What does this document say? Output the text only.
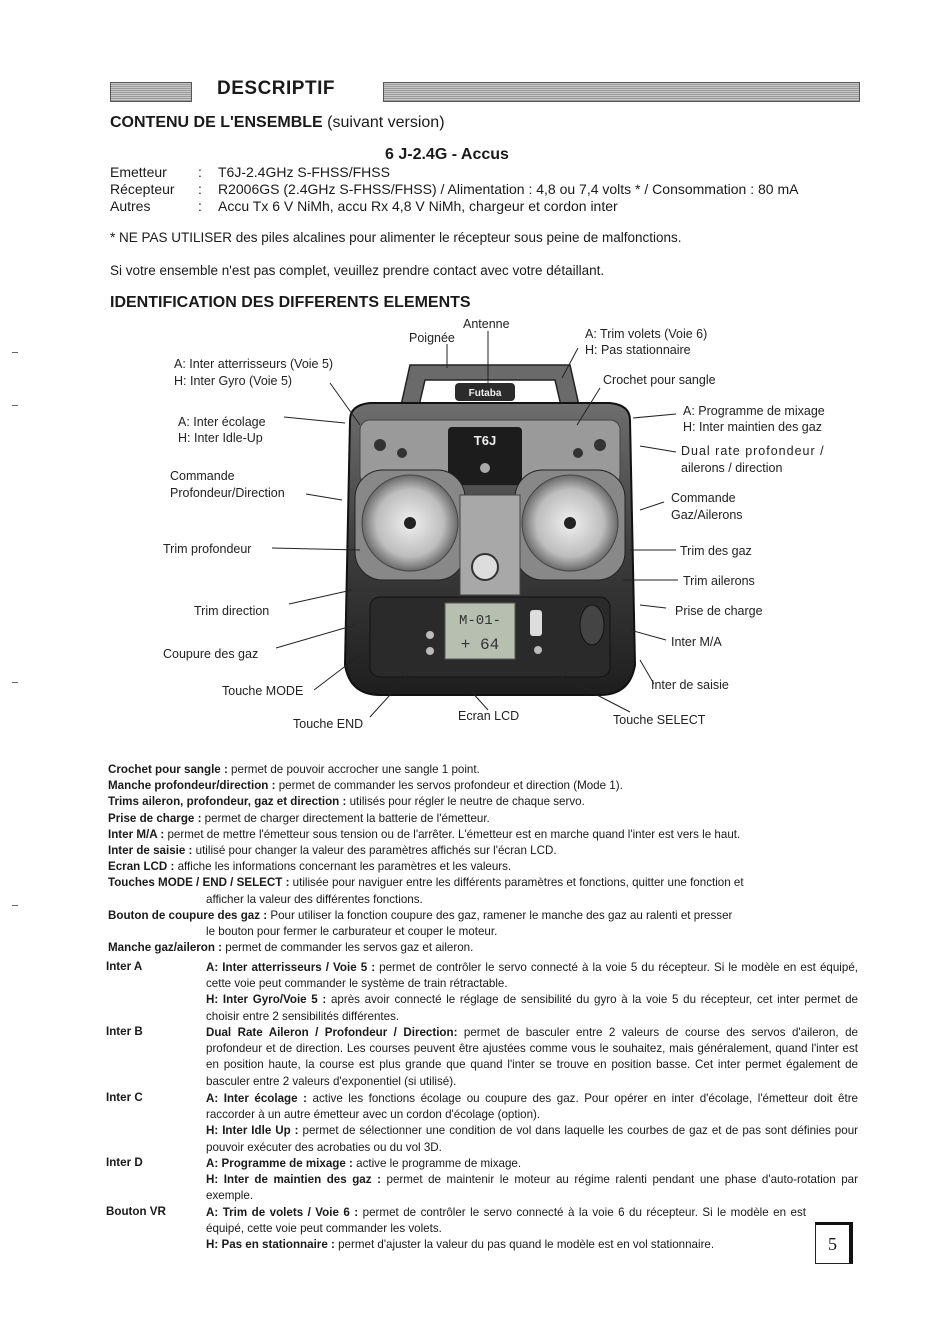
DESCRIPTIF
CONTENU DE L'ENSEMBLE (suivant version)
6 J-2.4G - Accus
Emetteur : T6J-2.4GHz S-FHSS/FHSS
Récepteur : R2006GS (2.4GHz S-FHSS/FHSS) / Alimentation : 4,8 ou 7,4 volts * / Consommation : 80 mA
Autres	: Accu Tx 6 V NiMh, accu Rx 4,8 V NiMh, chargeur et cordon inter
* NE PAS UTILISER des piles alcalines pour alimenter le récepteur sous peine de malfonctions.
Si votre ensemble n'est pas complet, veuillez prendre contact avec votre détaillant.
IDENTIFICATION DES DIFFERENTS ELEMENTS
Futaba
T6J
M-01-
+ 64
Antenne
Poignée	A: Trim volets (Voie 6)
H: Pas stationnaire
A: Inter atterrisseurs (Voie 5)
H: Inter Gyro (Voie 5)	Crochet pour sangle
A: Inter écolage
H: Inter Idle-Up
A: Programme de mixage
H: Inter maintien des gaz
Dual rate profondeur /
ailerons / direction
Commande
Profondeur/Direction	Commande
Gaz/Ailerons
Trim profondeur	Trim des gaz
Trim ailerons
Trim direction	Prise de charge
Coupure des gaz
Inter M/A
Touche MODE	Inter de saisie
Ecran LCD
Touche END	Touche SELECT
Crochet pour sangle : permet de pouvoir accrocher une sangle 1 point.
Manche profondeur/direction : permet de commander les servos profondeur et direction (Mode 1).
Trims aileron, profondeur, gaz et direction : utilisés pour régler le neutre de chaque servo.
Prise de charge : permet de charger directement la batterie de l'émetteur.
Inter M/A : permet de mettre l'émetteur sous tension ou de l'arrêter. L'émetteur est en marche quand l'inter est vers le haut.
Inter de saisie : utilisé pour changer la valeur des paramètres affichés sur l'écran LCD.
Ecran LCD : affiche les informations concernant les paramètres et les valeurs.
Touches MODE / END / SELECT : utilisée pour naviguer entre les différents paramètres et fonctions, quitter une fonction et
afficher la valeur des différentes fonctions.
Bouton de coupure des gaz : Pour utiliser la fonction coupure des gaz, ramener le manche des gaz au ralenti et presser
le bouton pour fermer le carburateur et couper le moteur.
Manche gaz/aileron : permet de commander les servos gaz et aileron.
Inter A	A: Inter atterrisseurs / Voie 5 : permet de contrôler le servo connecté à la voie 5 du récepteur. Si le modèle en est équipé, cette voie peut commander le système de train rétractable.
H: Inter Gyro/Voie 5 : après avoir connecté le réglage de sensibilité du gyro à la voie 5 du récepteur, cet inter permet de choisir entre 2 sensibilités différentes.
Inter B	Dual Rate Aileron / Profondeur / Direction: permet de basculer entre 2 valeurs de course des servos d'aileron, de profondeur et de direction. Les courses peuvent être ajustées comme vous le souhaitez, mais généralement, quand l'inter est en position haute, la course est plus grande que quand l'inter se trouve en position basse. Cet inter permet également de basculer entre 2 valeurs d'exponentiel (si utilisé).
Inter C	A: Inter écolage : active les fonctions écolage ou coupure des gaz. Pour opérer en inter d'écolage, l'émetteur doit être raccorder à un autre émetteur avec un cordon d'écolage (option).
H: Inter Idle Up : permet de sélectionner une condition de vol dans laquelle les courbes de gaz et de pas sont définies pour pouvoir exécuter des acrobaties ou du vol 3D.
Inter D	A: Programme de mixage : active le programme de mixage.
H: Inter de maintien des gaz : permet de maintenir le moteur au régime ralenti pendant une phase d'auto-rotation par exemple.
Bouton VR	A: Trim de volets / Voie 6 : permet de contrôler le servo connecté à la voie 6 du récepteur. Si le modèle en est équipé, cette voie peut commander les volets.
H: Pas en stationnaire : permet d'ajuster la valeur du pas quand le modèle est en vol stationnaire.	5
